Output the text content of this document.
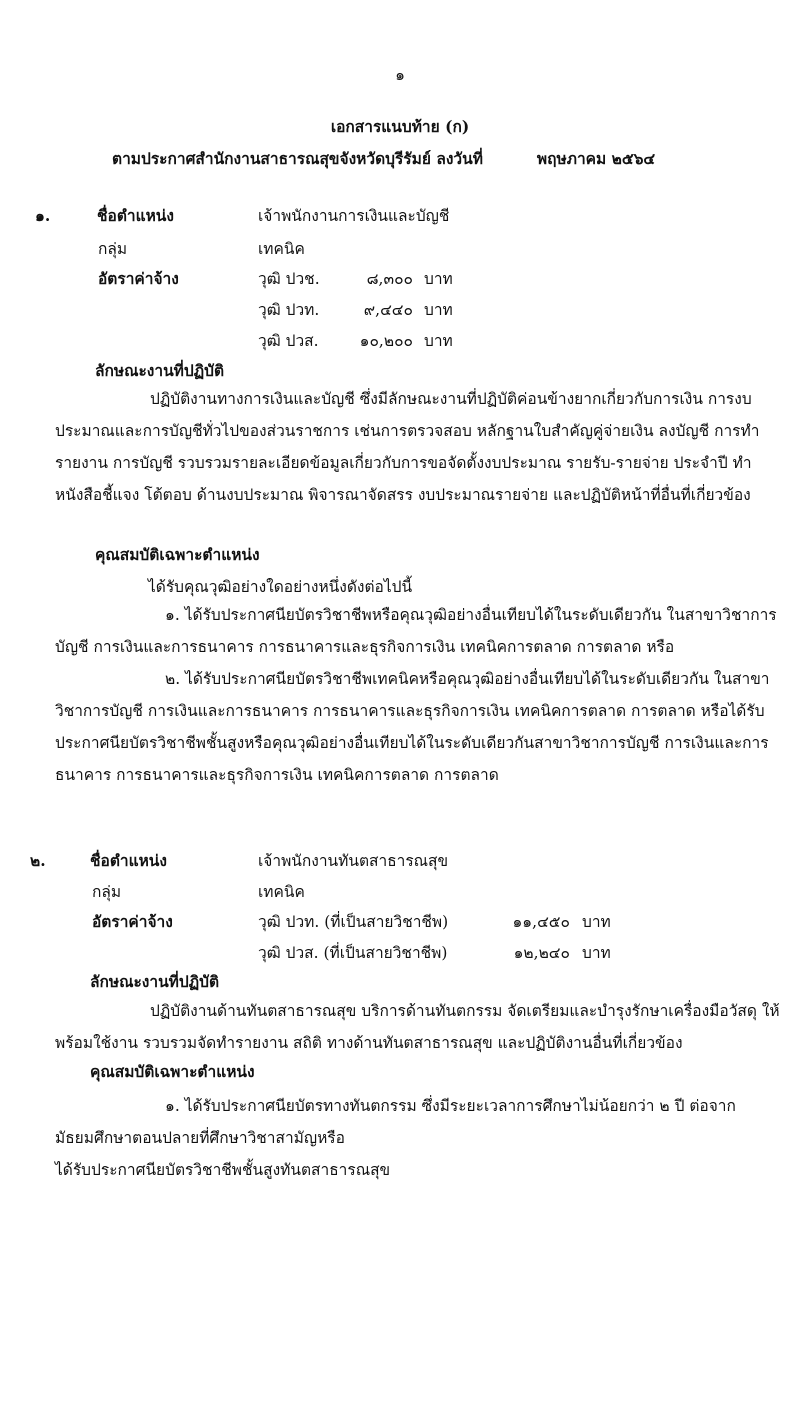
๑
เอกสารแนบท้าย (ก)
ตามประกาศสำนักงานสาธารณสุขจังหวัดบุรีรัมย์ ลงวันที่	พฤษภาคม ๒๕๖๔
๑.	ชื่อตำแหน่ง	เจ้าพนักงานการเงินและบัญชี
กลุ่ม	เทคนิค
อัตราค่าจ้าง	วุฒิ ปวช.	๘,๓๐๐ บาท
วุฒิ ปวท.	๙,๔๔๐ บาท
วุฒิ ปวส.	๑๐,๒๐๐ บาท
ลักษณะงานที่ปฏิบัติ
ปฏิบัติงานทางการเงินและบัญชี ซึ่งมีลักษณะงานที่ปฏิบัติค่อนข้างยากเกี่ยวกับการเงิน การงบประมาณและการบัญชีทั่วไปของส่วนราชการ เช่นการตรวจสอบ หลักฐานใบสำคัญคู่จ่ายเงิน ลงบัญชี การทำรายงาน การบัญชี รวบรวมรายละเอียดข้อมูลเกี่ยวกับการขอจัดตั้งงบประมาณ รายรับ-รายจ่าย ประจำปี ทำหนังสือชี้แจง โต้ตอบ ด้านงบประมาณ พิจารณาจัดสรร งบประมาณรายจ่าย และปฏิบัติหน้าที่อื่นที่เกี่ยวข้อง
คุณสมบัติเฉพาะตำแหน่ง
ได้รับคุณวุฒิอย่างใดอย่างหนึ่งดังต่อไปนี้
๑. ได้รับประกาศนียบัตรวิชาชีพหรือคุณวุฒิอย่างอื่นเทียบได้ในระดับเดียวกัน ในสาขาวิชาการบัญชี การเงินและการธนาคาร การธนาคารและธุรกิจการเงิน เทคนิคการตลาด การตลาด หรือ
๒. ได้รับประกาศนียบัตรวิชาชีพเทคนิคหรือคุณวุฒิอย่างอื่นเทียบได้ในระดับเดียวกัน ในสาขาวิชาการบัญชี การเงินและการธนาคาร การธนาคารและธุรกิจการเงิน เทคนิคการตลาด การตลาด หรือได้รับประกาศนียบัตรวิชาชีพชั้นสูงหรือคุณวุฒิอย่างอื่นเทียบได้ในระดับเดียวกันสาขาวิชาการบัญชี การเงินและการธนาคาร การธนาคารและธุรกิจการเงิน เทคนิคการตลาด การตลาด
๒.	ชื่อตำแหน่ง	เจ้าพนักงานทันตสาธารณสุข
กลุ่ม	เทคนิค
อัตราค่าจ้าง	วุฒิ ปวท. (ที่เป็นสายวิชาชีพ)	๑๑,๔๕๐ บาท
วุฒิ ปวส. (ที่เป็นสายวิชาชีพ)	๑๒,๒๔๐ บาท
ลักษณะงานที่ปฏิบัติ
ปฏิบัติงานด้านทันตสาธารณสุข บริการด้านทันตกรรม จัดเตรียมและบำรุงรักษาเครื่องมือวัสดุ ให้พร้อมใช้งาน รวบรวมจัดทำรายงาน สถิติ ทางด้านทันตสาธารณสุข และปฏิบัติงานอื่นที่เกี่ยวข้อง
คุณสมบัติเฉพาะตำแหน่ง
๑. ได้รับประกาศนียบัตรทางทันตกรรม ซึ่งมีระยะเวลาการศึกษาไม่น้อยกว่า ๒ ปี ต่อจากมัธยมศึกษาตอนปลายที่ศึกษาวิชาสามัญหรือ
ได้รับประกาศนียบัตรวิชาชีพชั้นสูงทันตสาธารณสุข
